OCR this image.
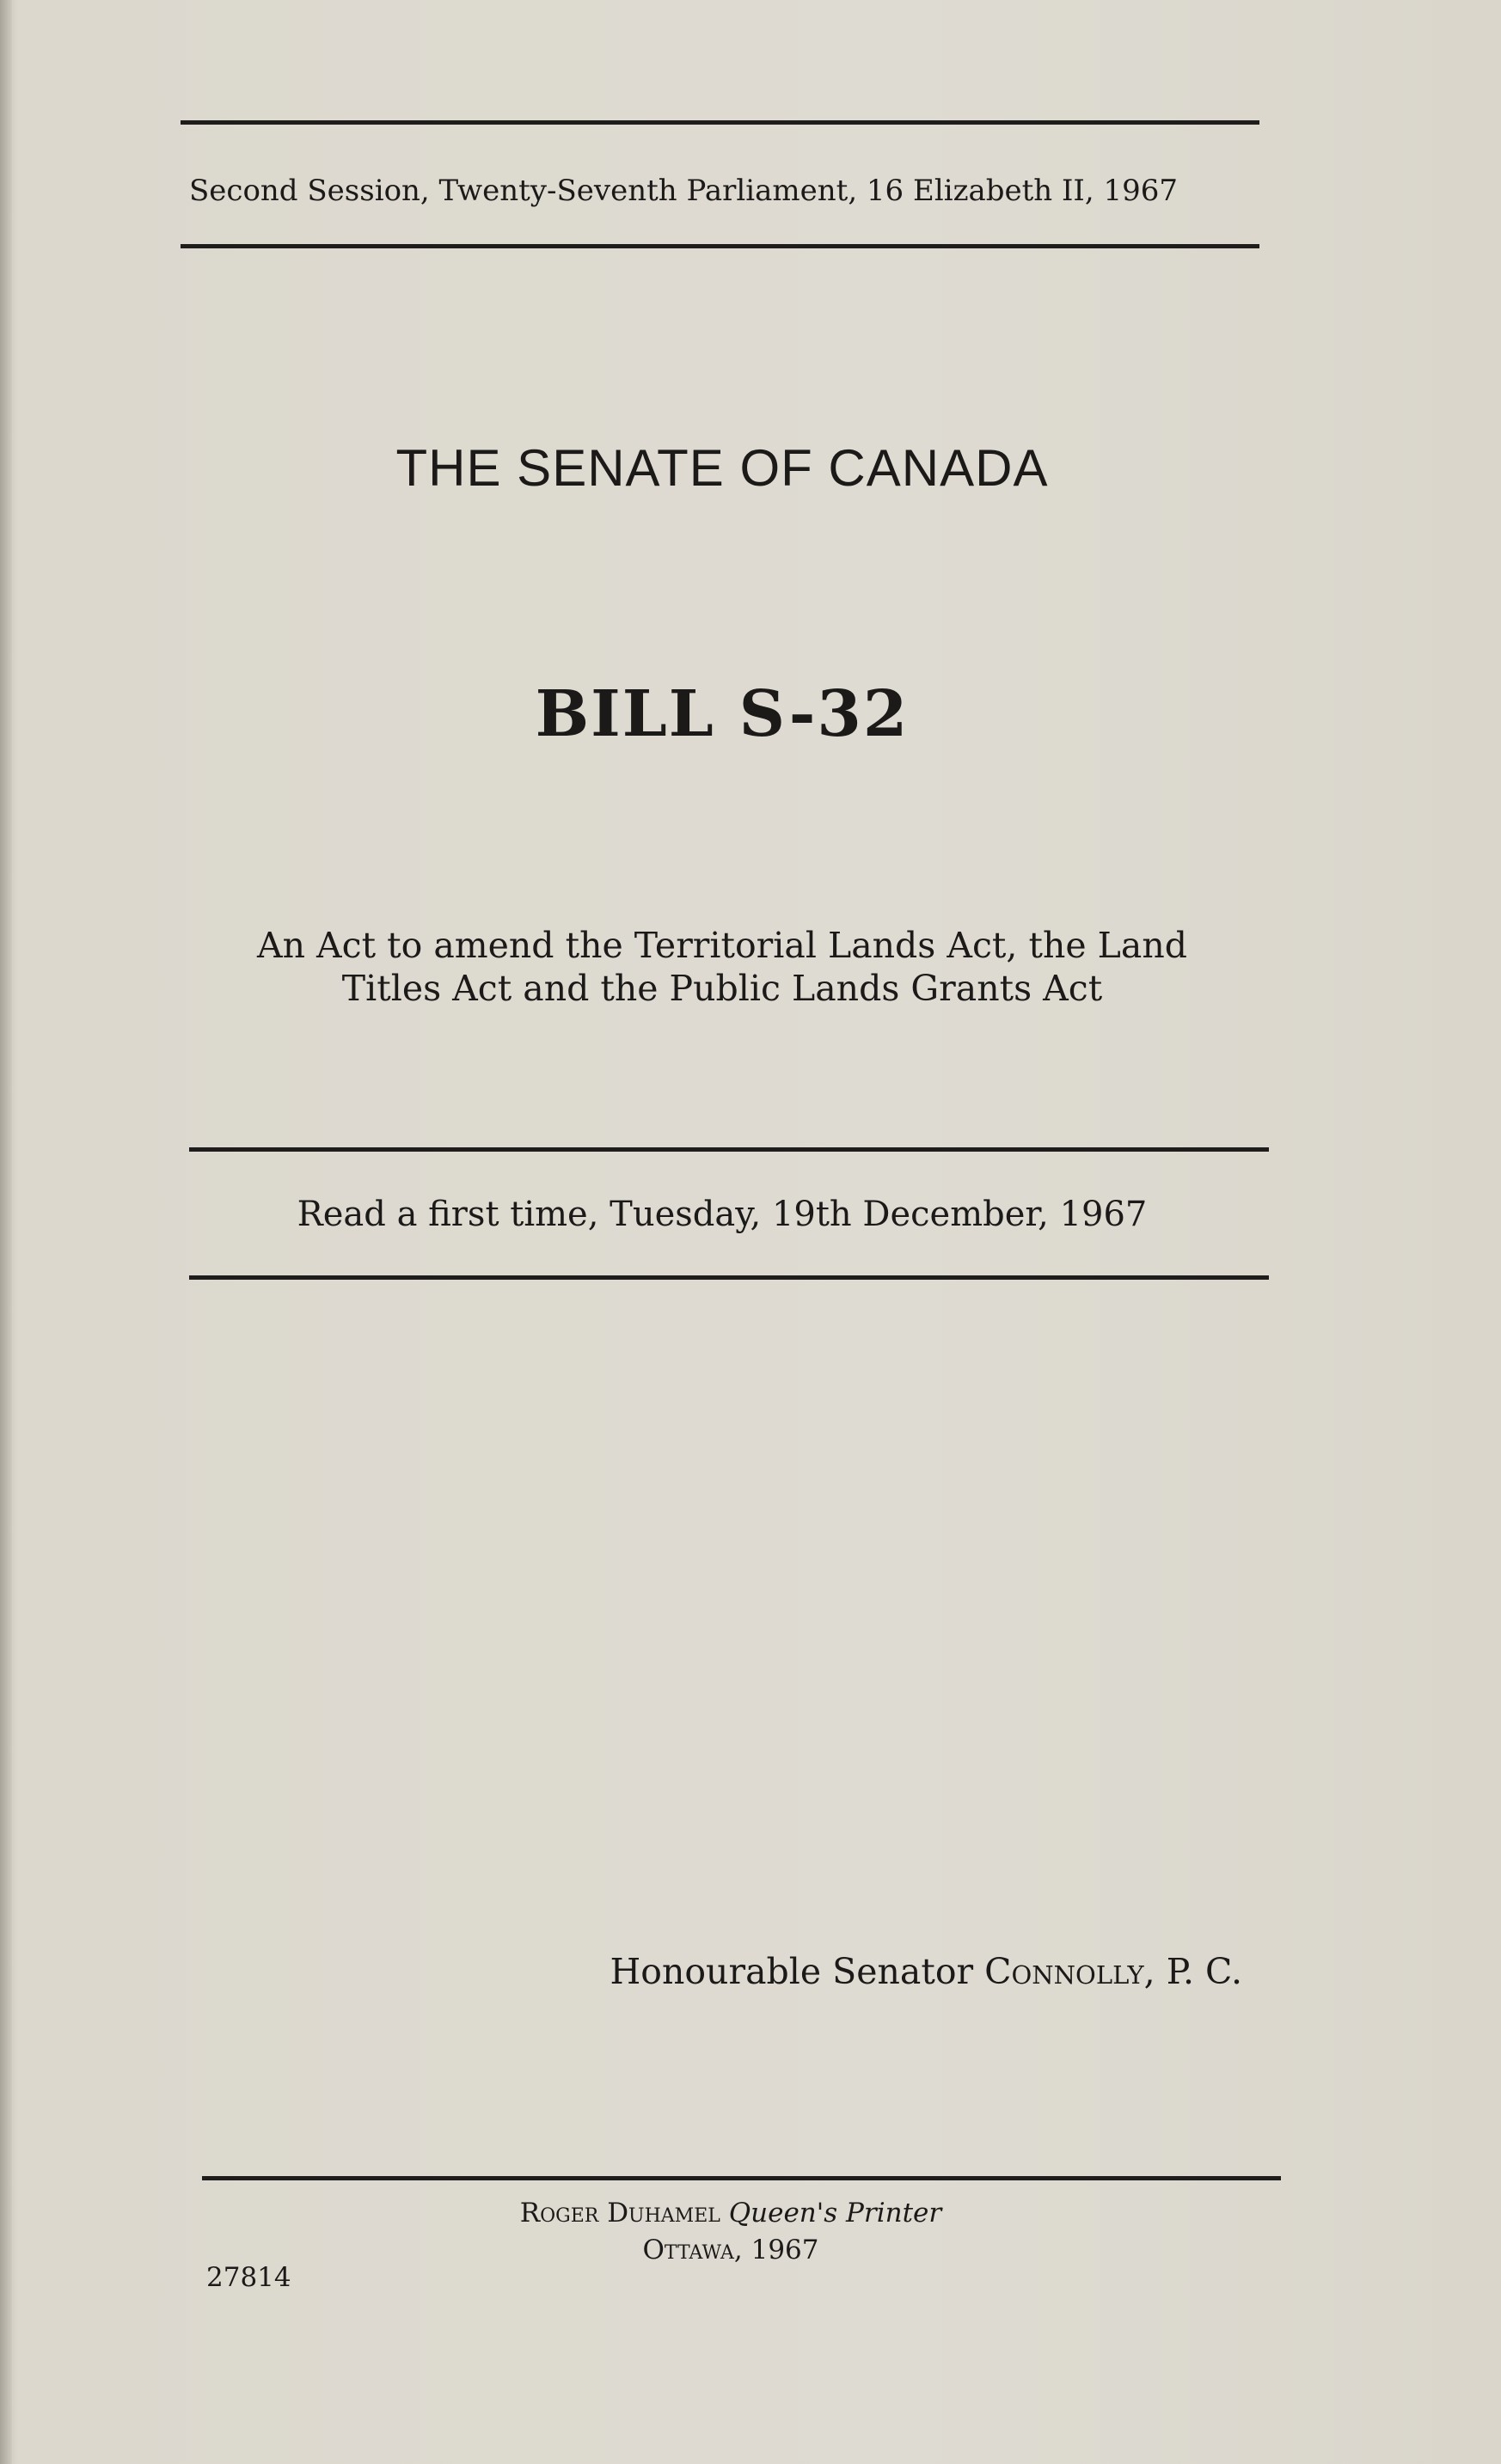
Second Session, Twenty-Seventh Parliament, 16 Elizabeth II, 1967
THE SENATE OF CANADA
BILL S-32
An Act to amend the Territorial Lands Act, the Land
Titles Act and the Public Lands Grants Act
Read a first time, Tuesday, 19th December, 1967
Honourable Senator Connolly, P. C.
Roger Duhamel Queen's Printer
Ottawa, 1967
27814
